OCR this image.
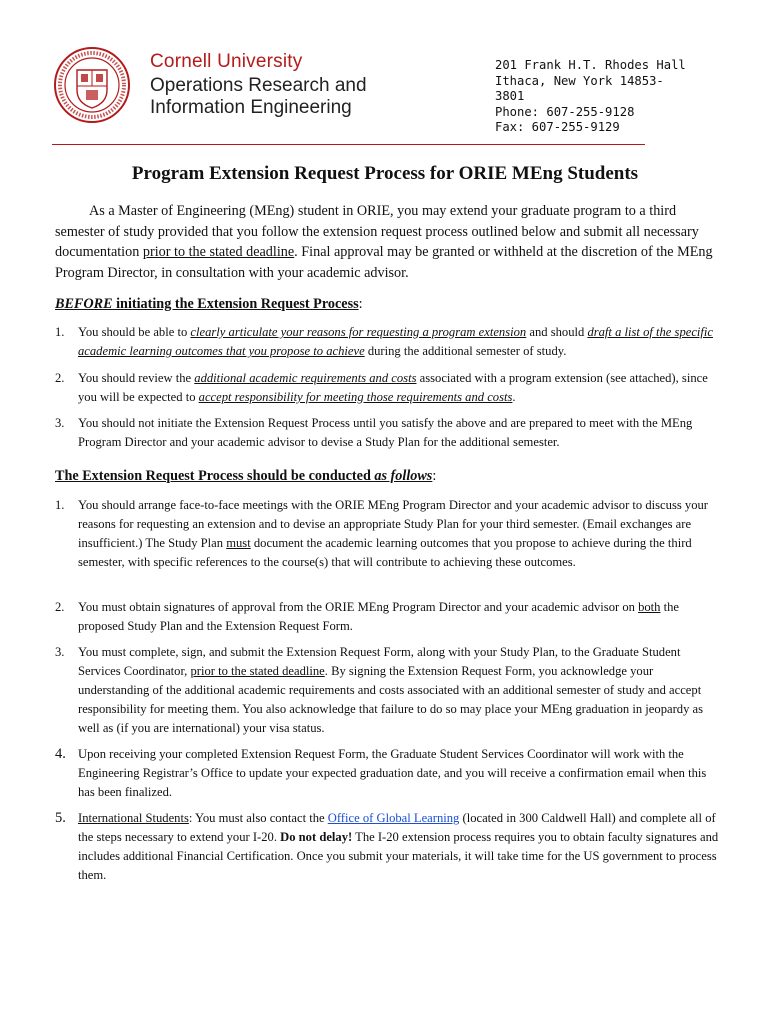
Cornell University
Operations Research and
Information Engineering
201 Frank H.T. Rhodes Hall
Ithaca, New York 14853-
3801
Phone: 607-255-9128
Fax: 607-255-9129
Program Extension Request Process for ORIE MEng Students

As a Master of Engineering (MEng) student in ORIE, you may extend your graduate program to a third semester of study provided that you follow the extension request process outlined below and submit all necessary documentation prior to the stated deadline. Final approval may be granted or withheld at the discretion of the MEng Program Director, in consultation with your academic advisor.

BEFORE initiating the Extension Request Process:
1.	You should be able to clearly articulate your reasons for requesting a program extension and should draft a list of the specific academic learning outcomes that you propose to achieve during the additional semester of study.
2.	You should review the additional academic requirements and costs associated with a program extension (see attached), since you will be expected to accept responsibility for meeting those requirements and costs.
3.	You should not initiate the Extension Request Process until you satisfy the above and are prepared to meet with the MEng Program Director and your academic advisor to devise a Study Plan for the additional semester.
The Extension Request Process should be conducted as follows:
1.	You should arrange face-to-face meetings with the ORIE MEng Program Director and your academic advisor to discuss your reasons for requesting an extension and to devise an appropriate Study Plan for your third semester. (Email exchanges are insufficient.) The Study Plan must document the academic learning outcomes that you propose to achieve during the third semester, with specific references to the course(s) that will contribute to achieving these outcomes.
2.	You must obtain signatures of approval from the ORIE MEng Program Director and your academic advisor on both the proposed Study Plan and the Extension Request Form.
3.	You must complete, sign, and submit the Extension Request Form, along with your Study Plan, to the Graduate Student Services Coordinator, prior to the stated deadline. By signing the Extension Request Form, you acknowledge your understanding of the additional academic requirements and costs associated with an additional semester of study and accept responsibility for meeting them. You also acknowledge that failure to do so may place your MEng graduation in jeopardy as well as (if you are international) your visa status.
4. Upon receiving your completed Extension Request Form, the Graduate Student Services Coordinator will work with the Engineering Registrar’s Office to update your expected graduation date, and you will receive a confirmation email when this has been finalized.
5. International Students: You must also contact the Office of Global Learning (located in 300 Caldwell Hall) and complete all of the steps necessary to extend your I-20. Do not delay! The I-20 extension process requires you to obtain faculty signatures and includes additional Financial Certification. Once you submit your materials, it will take time for the US government to process them.
